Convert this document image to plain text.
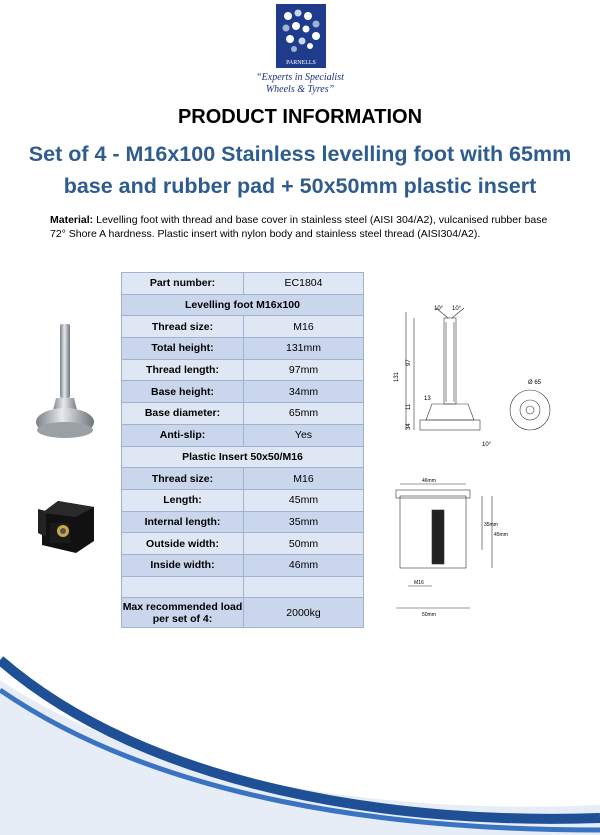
PARNELLS
“Experts in Specialist
Wheels & Tyres”
PRODUCT INFORMATION
Set of 4 - M16x100 Stainless levelling foot with 65mm base and rubber pad + 50x50mm plastic insert
Material: Levelling foot with thread and base cover in stainless steel (AISI 304/A2), vulcanised rubber base 72° Shore A hardness. Plastic insert with nylon body and stainless steel thread (AISI304/A2).
Part number:	EC1804
Levelling foot M16x100	
Thread size:	M16
Total height:	131mm
Thread length:	97mm
Base height:	34mm
Base diameter:	65mm
Anti-slip:	Yes
Plastic Insert 50x50/M16	
Thread size:	M16
Length:	45mm
Internal length:	35mm
Outside width:	50mm
Inside width:	46mm

Max recommended load per set of 4:	2000kg
10° 10°
131
97
13
11
34
10°
Ø 65
46mm
35mm
45mm
M16
50mm
